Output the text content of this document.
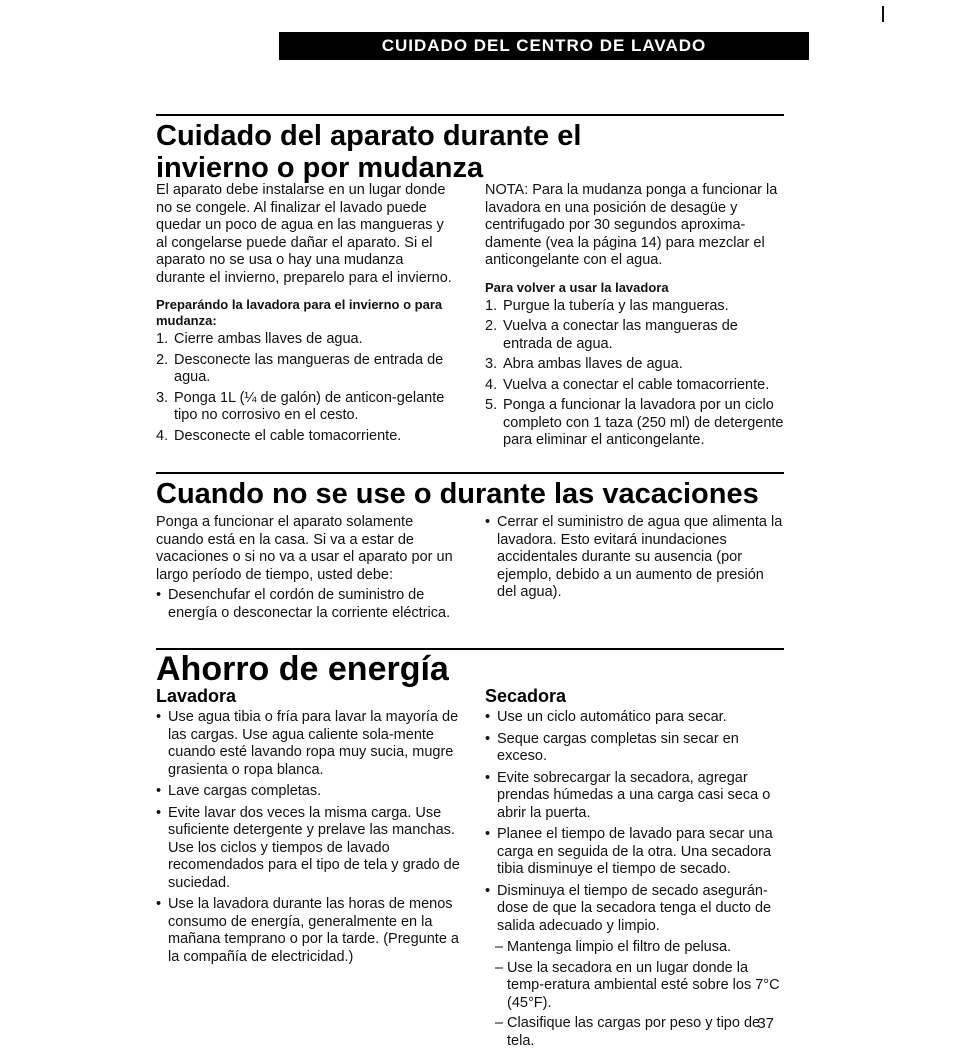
CUIDADO DEL CENTRO DE LAVADO
Cuidado del aparato durante el invierno o por mudanza

El aparato debe instalarse en un lugar donde no se congele. Al finalizar el lavado puede quedar un poco de agua en las mangueras y al congelarse puede dañar el aparato. Si el aparato no se usa o hay una mudanza durante el invierno, preparelo para el invierno.

Preparándo la lavadora para el invierno o para mudanza:
1. Cierre ambas llaves de agua.
2. Desconecte las mangueras de entrada de agua.
3. Ponga 1L (¼ de galón) de anticon-gelante tipo no corrosivo en el cesto.
4. Desconecte el cable tomacorriente.

NOTA: Para la mudanza ponga a funcionar la lavadora en una posición de desagüe y centrifugado por 30 segundos aproxima-damente (vea la página 14) para mezclar el anticongelante con el agua.

Para volver a usar la lavadora
1. Purgue la tubería y las mangueras.
2. Vuelva a conectar las mangueras de entrada de agua.
3. Abra ambas llaves de agua.
4. Vuelva a conectar el cable tomacorriente.
5. Ponga a funcionar la lavadora por un ciclo completo con 1 taza (250 ml) de detergente para eliminar el anticongelante.
Cuando no se use o durante las vacaciones

Ponga a funcionar el aparato solamente cuando está en la casa. Si va a estar de vacaciones o si no va a usar el aparato por un largo período de tiempo, usted debe:

• Desenchufar el cordón de suministro de energía o desconectar la corriente eléctrica.
• Cerrar el suministro de agua que alimenta la lavadora. Esto evitará inundaciones accidentales durante su ausencia (por ejemplo, debido a un aumento de presión del agua).
Ahorro de energía
Lavadora
• Use agua tibia o fría para lavar la mayoría de las cargas. Use agua caliente sola-mente cuando esté lavando ropa muy sucia, mugre grasienta o ropa blanca.
• Lave cargas completas.
• Evite lavar dos veces la misma carga. Use suficiente detergente y prelave las manchas. Use los ciclos y tiempos de lavado recomendados para el tipo de tela y grado de suciedad.
• Use la lavadora durante las horas de menos consumo de energía, generalmente en la mañana temprano o por la tarde. (Pregunte a la compañía de electricidad.)
Secadora
• Use un ciclo automático para secar.
• Seque cargas completas sin secar en exceso.
• Evite sobrecargar la secadora, agregar prendas húmedas a una carga casi seca o abrir la puerta.
• Planee el tiempo de lavado para secar una carga en seguida de la otra. Una secadora tibia disminuye el tiempo de secado.
• Disminuya el tiempo de secado asegurán-dose de que la secadora tenga el ducto de salida adecuado y limpio.
– Mantenga limpio el filtro de pelusa.
– Use la secadora en un lugar donde la temp-eratura ambiental esté sobre los 7°C (45°F).
– Clasifique las cargas por peso y tipo de tela.
37
